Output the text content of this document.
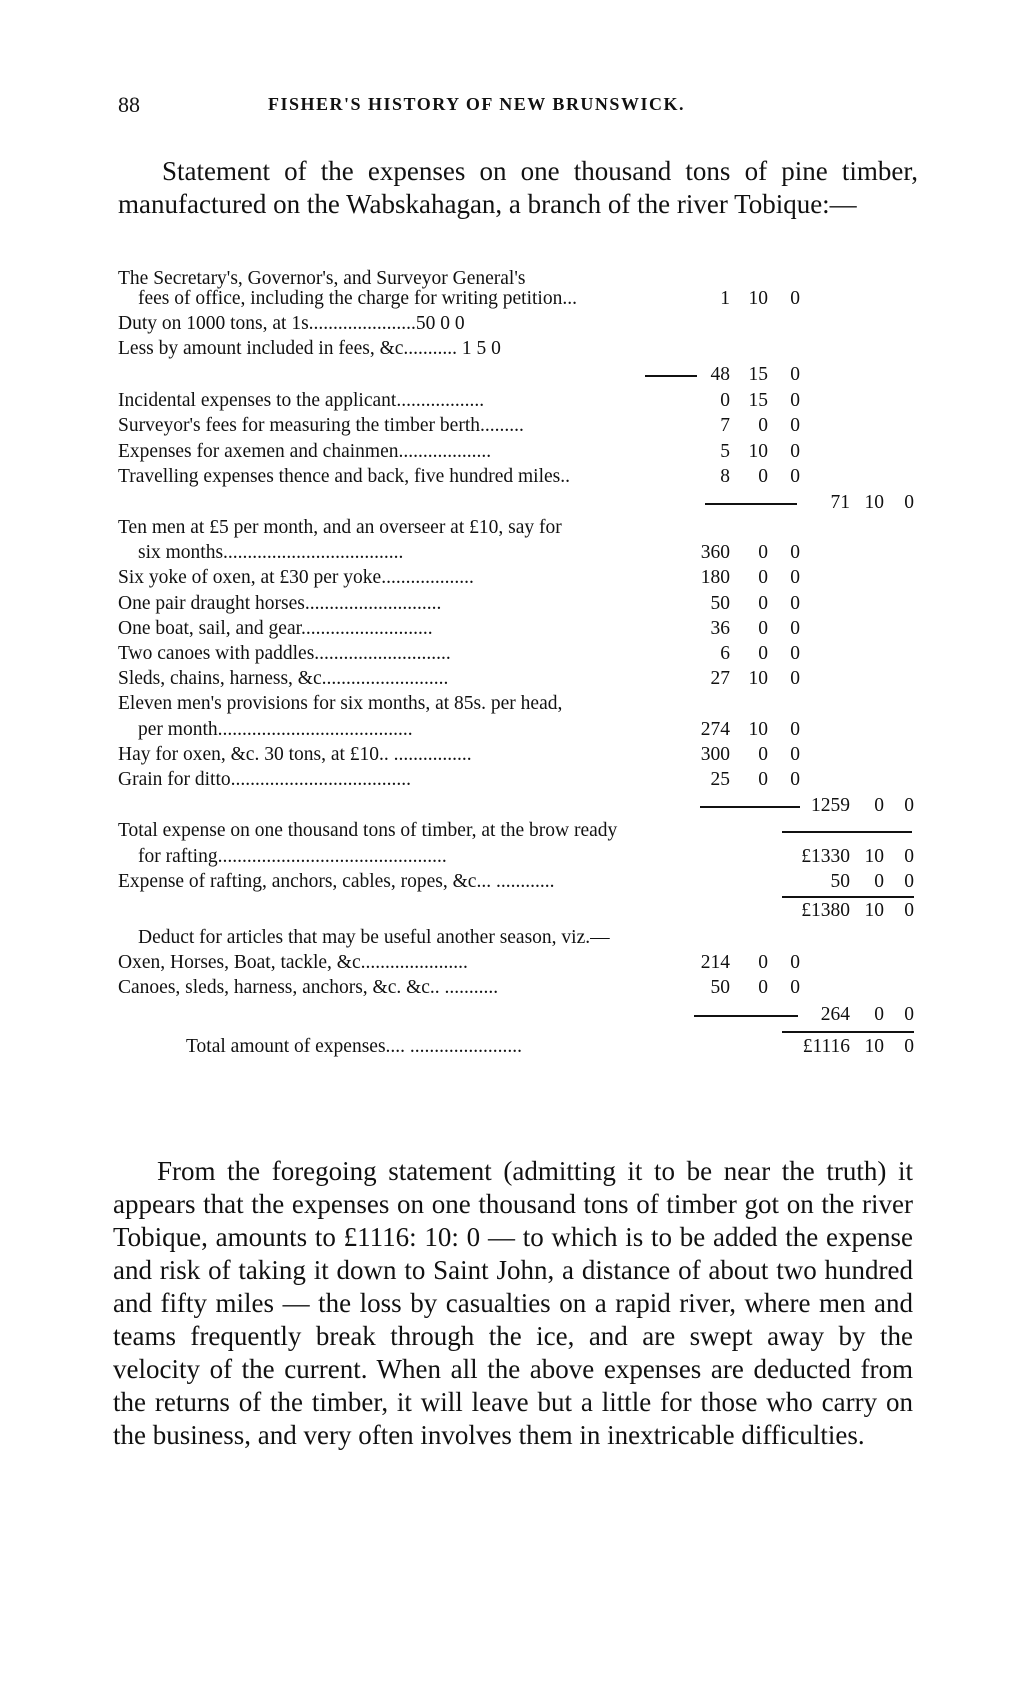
88	FISHER'S HISTORY OF NEW BRUNSWICK.

Statement of the expenses on one thousand tons of pine timber, manufactured on the Wabskahagan, a branch of the river Tobique:—

The Secretary's, Governor's, and Surveyor General's
fees of office, including the charge for writing petition...	1 10	0
Duty on 1000 tons, at 1s......................50 0 0
Less by amount included in fees, &c........... 1 5 0
48 15	0
Incidental expenses to the applicant..................	0 15	0
Surveyor's fees for measuring the timber berth.........	7	0	0
Expenses for axemen and chainmen...................	5 10	0
Travelling expenses thence and back, five hundred miles..	8	0	0
71 10	0
Ten men at £5 per month, and an overseer at £10, say for
six months.....................................	360	0	0
Six yoke of oxen, at £30 per yoke...................	180	0	0
One pair draught horses............................	50	0	0
One boat, sail, and gear...........................	36	0	0
Two canoes with paddles............................	6	0	0
Sleds, chains, harness, &c..........................	27 10	0
Eleven men's provisions for six months, at 85s. per head,
per month........................................	274 10	0
Hay for oxen, &c. 30 tons, at £10.. ................	300	0	0
Grain for ditto.....................................	25	0	0
1259	0	0
Total expense on one thousand tons of timber, at the brow ready
for rafting...............................................	£1330 10	0
Expense of rafting, anchors, cables, ropes, &c... ............	50	0	0
£1380 10	0
Deduct for articles that may be useful another season, viz.—
Oxen, Horses, Boat, tackle, &c......................	214	0	0
Canoes, sleds, harness, anchors, &c. &c.. ...........	50	0	0
264	0	0
Total amount of expenses.... .......................	£1116 10	0

From the foregoing statement (admitting it to be near the truth) it appears that the expenses on one thousand tons of timber got on the river Tobique, amounts to £1116: 10: 0 — to which is to be added the expense and risk of taking it down to Saint John, a distance of about two hundred and fifty miles — the loss by casualties on a rapid river, where men and teams frequently break through the ice, and are swept away by the velocity of the current. When all the above expenses are deducted from the returns of the timber, it will leave but a little for those who carry on the business, and very often involves them in inextricable difficulties.
